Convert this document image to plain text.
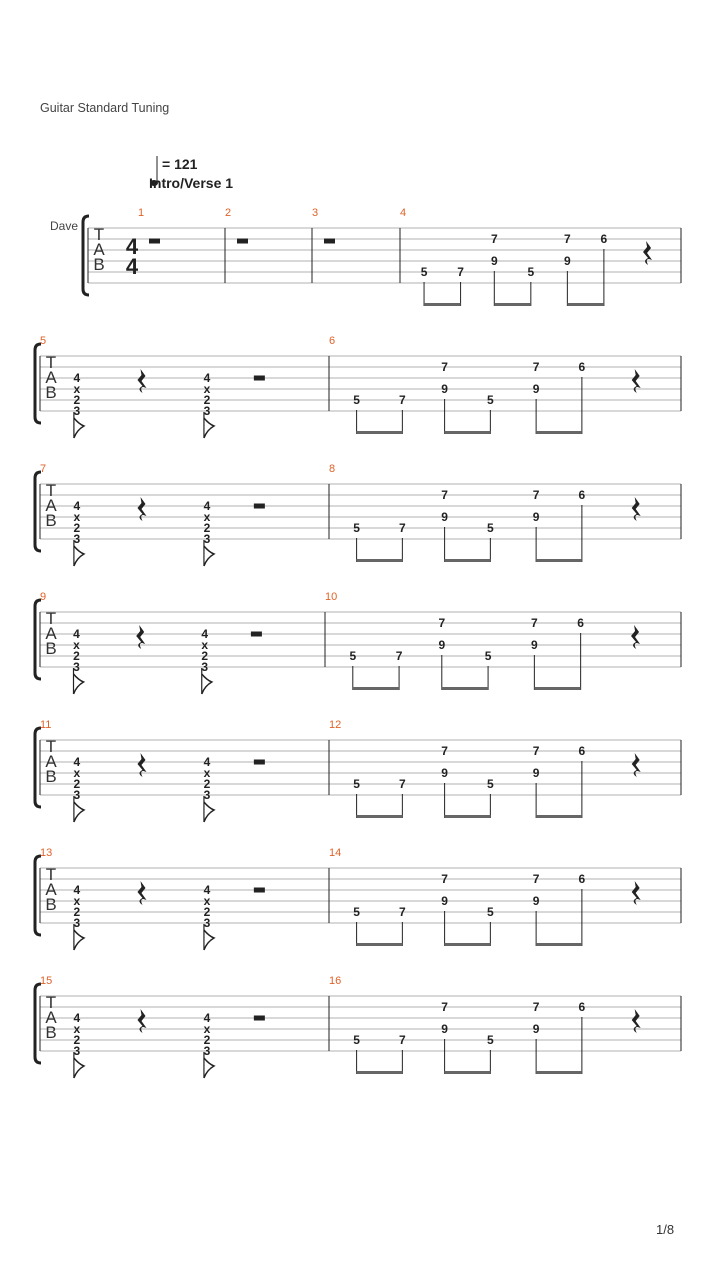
Guitar Standard Tuning
= 121
Intro/Verse 1
Dave T
A
B
4
4
1	2	3	4
5 7
7
9
5
7
9
6
T
A
B
5
4
x
2
3
4
x
2
3
6
5	7
7
9
5
7
9
6
T
A
B
7
4
x
2
3
4
x
2
3
8
5	7
7
9
5
7
9
6
T
A
B
9
4
x
2
3
4
x
2
3
10
5	7
7
9
5
7
9
6
T
A
B
11
4
x
2
3
4
x
2
3
12
5	7
7
9
5
7
9
6
T
A
B
13
4
x
2
3
4
x
2
3
14
5	7
7
9
5
7
9
6
T
A
B
15
4
x
2
3
4
x
2
3
16
5	7
7
9
5
7
9
6
1/8
